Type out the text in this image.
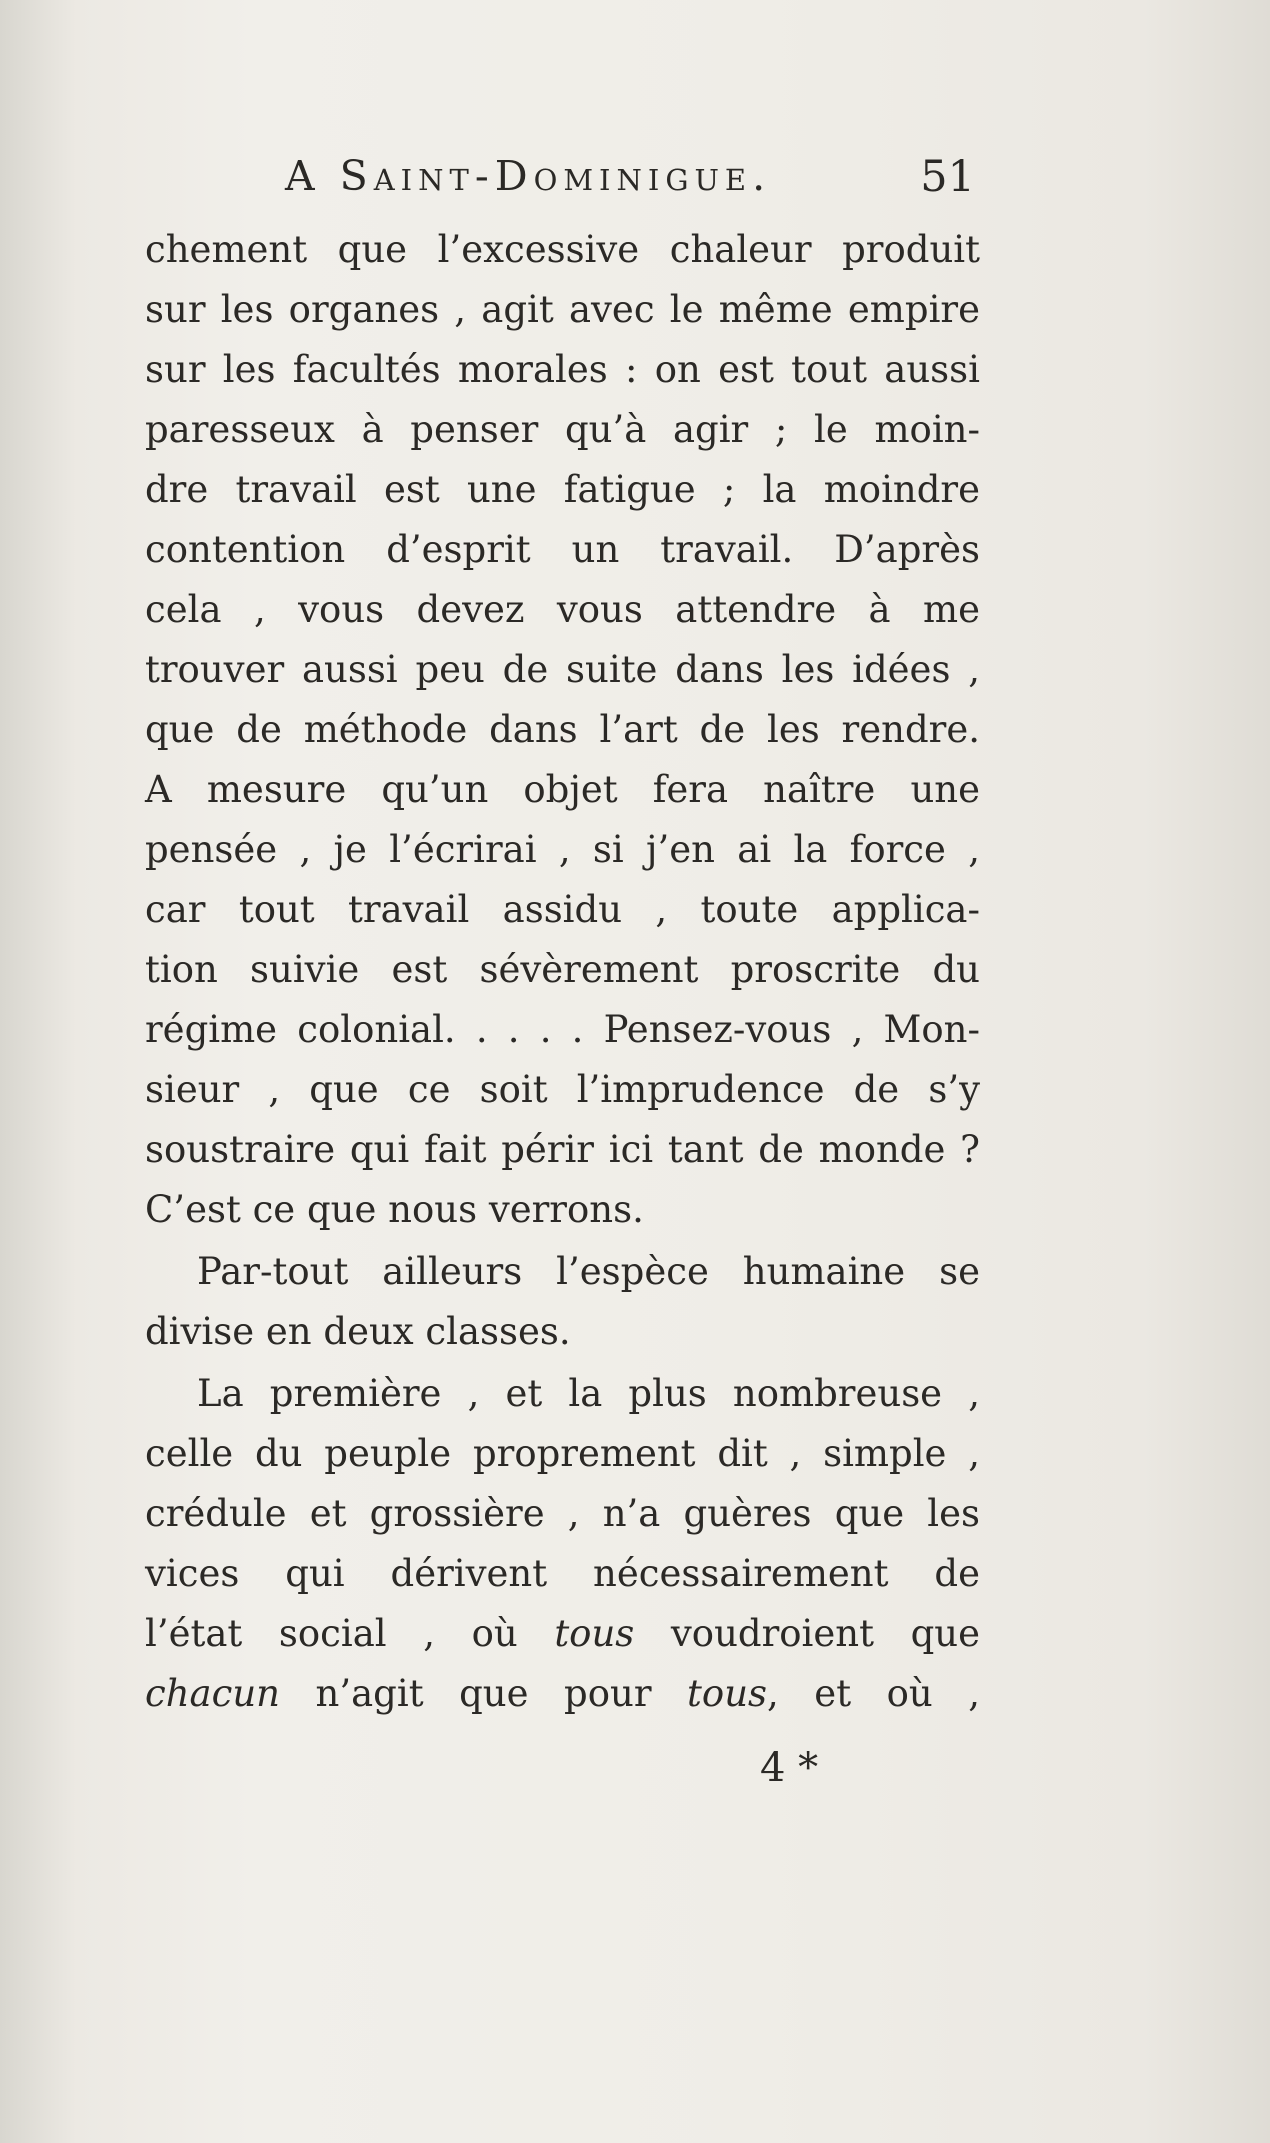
A Saint-Dominigue.	51
chement que l’excessive chaleur produit
sur les organes , agit avec le même empire
sur les facultés morales : on est tout aussi
paresseux à penser qu’à agir ; le moin-
dre travail est une fatigue ; la moindre
contention d’esprit un travail. D’après
cela , vous devez vous attendre à me
trouver aussi peu de suite dans les idées ,
que de méthode dans l’art de les rendre.
A mesure qu’un objet fera naître une
pensée , je l’écrirai , si j’en ai la force ,
car tout travail assidu , toute applica-
tion suivie est sévèrement proscrite du
régime colonial. . . . . Pensez-vous , Mon-
sieur , que ce soit l’imprudence de s’y
soustraire qui fait périr ici tant de monde ?
C’est ce que nous verrons.
Par-tout ailleurs l’espèce humaine se
divise en deux classes.
La première , et la plus nombreuse ,
celle du peuple proprement dit , simple ,
crédule et grossière , n’a guères que les
vices qui dérivent nécessairement de
l’état social , où tous voudroient que
chacun n’agit que pour tous, et où ,
4 *
